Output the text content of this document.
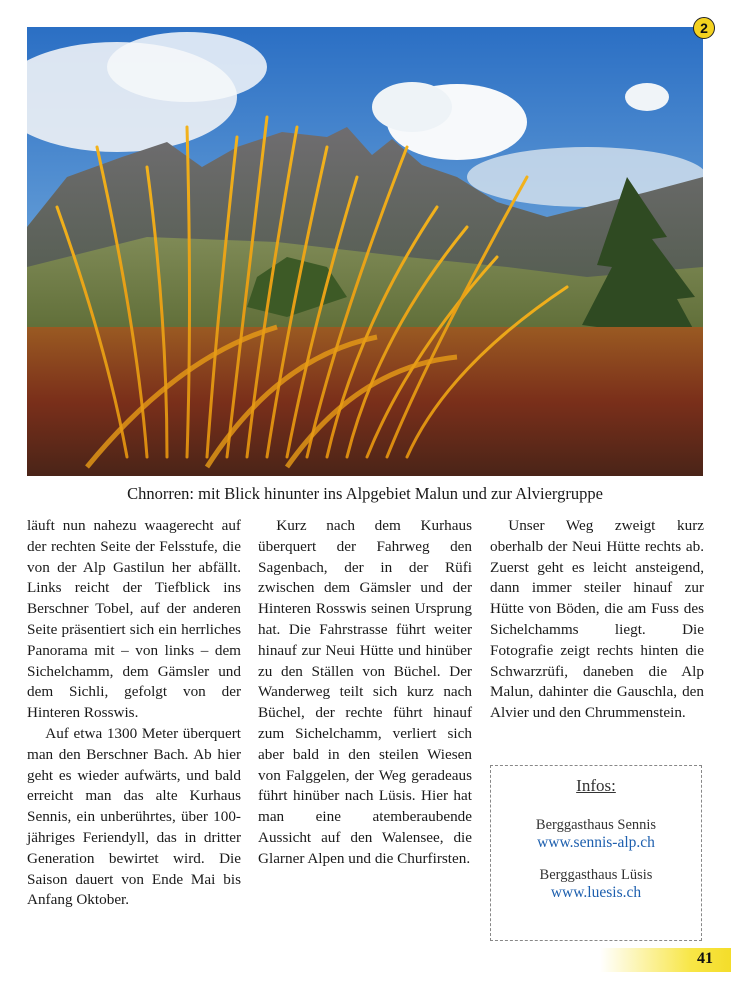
2
Chnorren: mit Blick hinunter ins Alpgebiet Malun und zur Alviergruppe

läuft nun nahezu waagerecht auf der rechten Seite der Felsstufe, die von der Alp Gastilun her abfällt. Links reicht der Tiefblick ins Berschner Tobel, auf der anderen Seite präsentiert sich ein herrliches Panorama mit – von links – dem Sichelchamm, dem Gämsler und dem Sichli, gefolgt von der Hinteren Rosswis.

Auf etwa 1300 Meter überquert man den Berschner Bach. Ab hier geht es wieder aufwärts, und bald erreicht man das alte Kurhaus Sennis, ein unberührtes, über 100-jähriges Feriendyll, das in dritter Generation bewirtet wird. Die Saison dauert von Ende Mai bis Anfang Oktober.

Kurz nach dem Kurhaus überquert der Fahrweg den Sagenbach, der in der Rüfi zwischen dem Gämsler und der Hinteren Rosswis seinen Ursprung hat. Die Fahrstrasse führt weiter hinauf zur Neui Hütte und hinüber zu den Ställen von Büchel. Der Wanderweg teilt sich kurz nach Büchel, der rechte führt hinauf zum Sichelchamm, verliert sich aber bald in den steilen Wiesen von Falggelen, der Weg geradeaus führt hinüber nach Lüsis. Hier hat man eine atemberaubende Aussicht auf den Walensee, die Glarner Alpen und die Churfirsten.

Unser Weg zweigt kurz oberhalb der Neui Hütte rechts ab. Zuerst geht es leicht ansteigend, dann immer steiler hinauf zur Hütte von Böden, die am Fuss des Sichelchamms liegt. Die Fotografie zeigt rechts hinten die Schwarzrüfi, daneben die Alp Malun, dahinter die Gauschla, den Alvier und den Chrummenstein.

Infos:
Berggasthaus Sennis
www.sennis-alp.ch
Berggasthaus Lüsis
www.luesis.ch
41
